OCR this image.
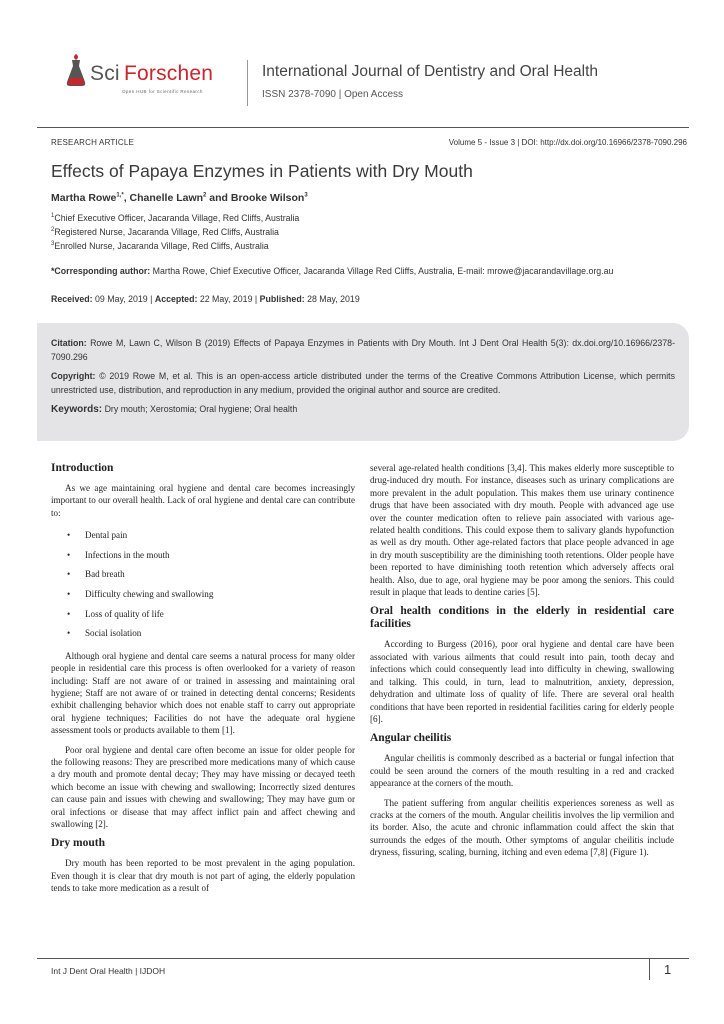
Sci Forschen
Open HUB for Scientific Research
International Journal of Dentistry and Oral Health
ISSN 2378-7090 | Open Access
RESEARCH ARTICLE	Volume 5 - Issue 3 | DOI: http://dx.doi.org/10.16966/2378-7090.296
Effects of Papaya Enzymes in Patients with Dry Mouth
Martha Rowe$^{1,*}$, Chanelle Lawn$^2$ and Brooke Wilson$^3$
$^1$Chief Executive Officer, Jacaranda Village, Red Cliffs, Australia
$^2$Registered Nurse, Jacaranda Village, Red Cliffs, Australia
$^3$Enrolled Nurse, Jacaranda Village, Red Cliffs, Australia
*Corresponding author: Martha Rowe, Chief Executive Officer, Jacaranda Village Red Cliffs, Australia, E-mail: mrowe@jacarandavillage.org.au
Received: 09 May, 2019 | Accepted: 22 May, 2019 | Published: 28 May, 2019

Citation: Rowe M, Lawn C, Wilson B (2019) Effects of Papaya Enzymes in Patients with Dry Mouth. Int J Dent Oral Health 5(3): dx.doi.org/10.16966/2378-7090.296

Copyright: © 2019 Rowe M, et al. This is an open-access article distributed under the terms of the Creative Commons Attribution License, which permits unrestricted use, distribution, and reproduction in any medium, provided the original author and source are credited.

Keywords: Dry mouth; Xerostomia; Oral hygiene; Oral health

Introduction

As we age maintaining oral hygiene and dental care becomes increasingly important to our overall health. Lack of oral hygiene and dental care can contribute to:

• Dental pain
• Infections in the mouth
• Bad breath
• Difficulty chewing and swallowing
• Loss of quality of life
• Social isolation

Although oral hygiene and dental care seems a natural process for many older people in residential care this process is often overlooked for a variety of reason including: Staff are not aware of or trained in assessing and maintaining oral hygiene; Staff are not aware of or trained in detecting dental concerns; Residents exhibit challenging behavior which does not enable staff to carry out appropriate oral hygiene techniques; Facilities do not have the adequate oral hygiene assessment tools or products available to them [1].

Poor oral hygiene and dental care often become an issue for older people for the following reasons: They are prescribed more medications many of which cause a dry mouth and promote dental decay; They may have missing or decayed teeth which become an issue with chewing and swallowing; Incorrectly sized dentures can cause pain and issues with chewing and swallowing; They may have gum or oral infections or disease that may affect inflict pain and affect chewing and swallowing [2].

Dry mouth

Dry mouth has been reported to be most prevalent in the aging population. Even though it is clear that dry mouth is not part of aging, the elderly population tends to take more medication as a result of

several age-related health conditions [3,4]. This makes elderly more susceptible to drug-induced dry mouth. For instance, diseases such as urinary complications are more prevalent in the adult population. This makes them use urinary continence drugs that have been associated with dry mouth. People with advanced age use over the counter medication often to relieve pain associated with various age-related health conditions. This could expose them to salivary glands hypofunction as well as dry mouth. Other age-related factors that place people advanced in age in dry mouth susceptibility are the diminishing tooth retentions. Older people have been reported to have diminishing tooth retention which adversely affects oral health. Also, due to age, oral hygiene may be poor among the seniors. This could result in plaque that leads to dentine caries [5].

Oral health conditions in the elderly in residential care facilities

According to Burgess (2016), poor oral hygiene and dental care have been associated with various ailments that could result into pain, tooth decay and infections which could consequently lead into difficulty in chewing, swallowing and talking. This could, in turn, lead to malnutrition, anxiety, depression, dehydration and ultimate loss of quality of life. There are several oral health conditions that have been reported in residential facilities caring for elderly people [6].

Angular cheilitis

Angular cheilitis is commonly described as a bacterial or fungal infection that could be seen around the corners of the mouth resulting in a red and cracked appearance at the corners of the mouth.

The patient suffering from angular cheilitis experiences soreness as well as cracks at the corners of the mouth. Angular cheilitis involves the lip vermilion and its border. Also, the acute and chronic inflammation could affect the skin that surrounds the edges of the mouth. Other symptoms of angular cheilitis include dryness, fissuring, scaling, burning, itching and even edema [7,8] (Figure 1).

Int J Dent Oral Health | IJDOH	1
